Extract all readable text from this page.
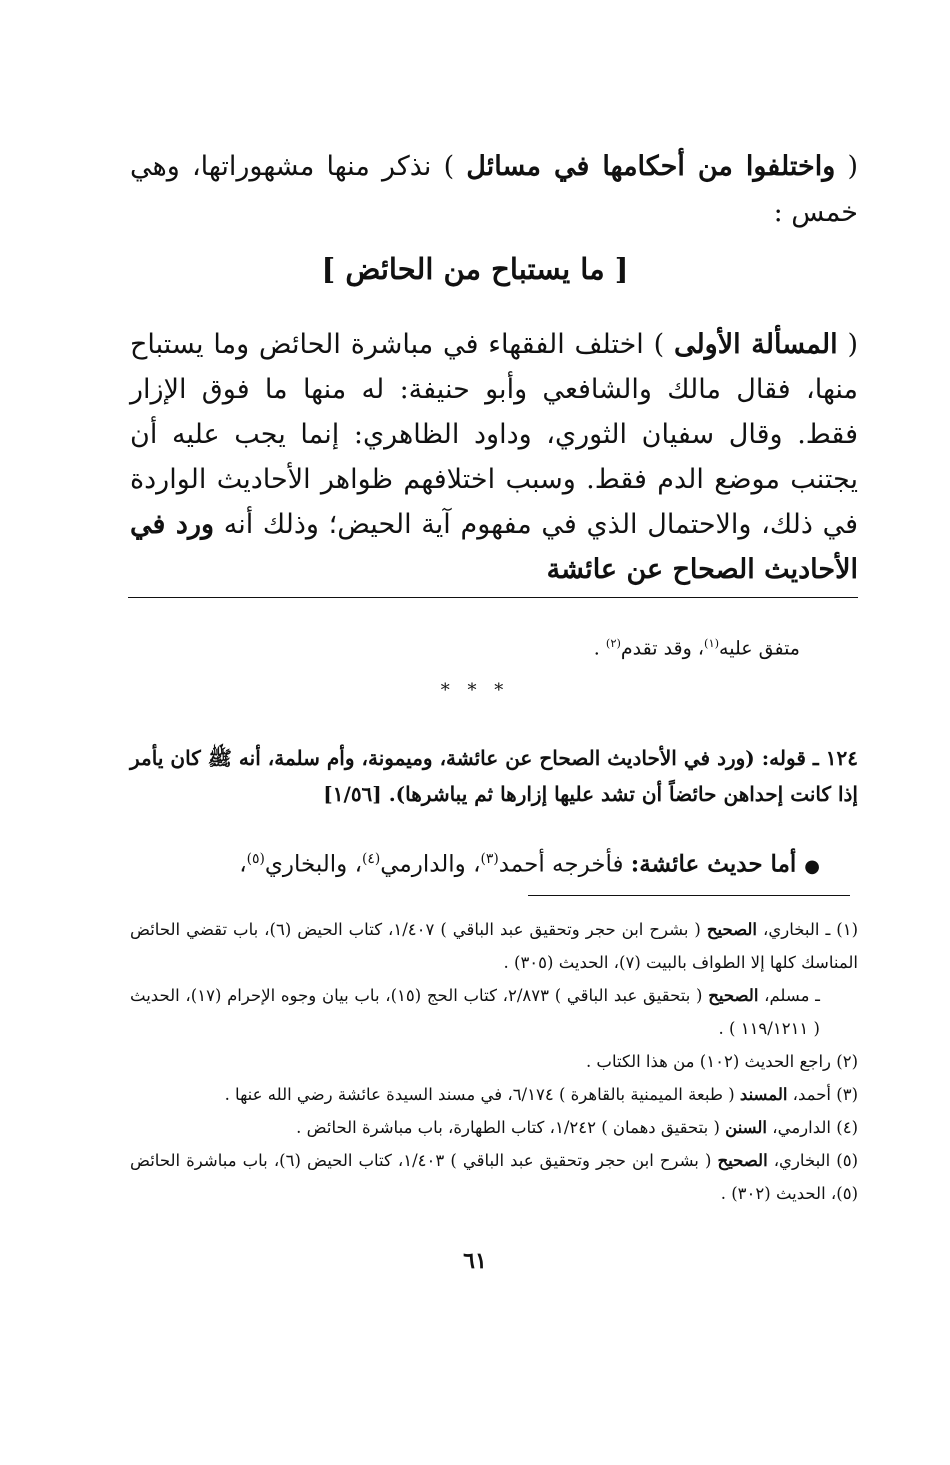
( واختلفوا من أحكامها في مسائل ) نذكر منها مشهوراتها، وهي خمس :

[ ما يستباح من الحائض ]

( المسألة الأولى ) اختلف الفقهاء في مباشرة الحائض وما يستباح منها، فقال مالك والشافعي وأبو حنيفة: له منها ما فوق الإزار فقط. وقال سفيان الثوري، وداود الظاهري: إنما يجب عليه أن يجتنب موضع الدم فقط. وسبب اختلافهم ظواهر الأحاديث الواردة في ذلك، والاحتمال الذي في مفهوم آية الحيض؛ وذلك أنه ورد في الأحاديث الصحاح عن عائشة

متفق عليه$^{(١)}$، وقد تقدم$^{(٢)}$ .
* * *

١٢٤ ـ قوله: (ورد في الأحاديث الصحاح عن عائشة، وميمونة، وأم سلمة، أنه ﷺ كان يأمر إذا كانت إحداهن حائضاً أن تشد عليها إزارها ثم يباشرها). [١/٥٦]

●أما حديث عائشة: فأخرجه أحمد$^{(٣)}$، والدارمي$^{(٤)}$، والبخاري$^{(٥)}$،

(١) ـ البخاري، الصحيح ( بشرح ابن حجر وتحقيق عبد الباقي ) ١/٤٠٧، كتاب الحيض (٦)، باب تقضي الحائض المناسك كلها إلا الطواف بالبيت (٧)، الحديث (٣٠٥) .

ـ مسلم، الصحيح ( بتحقيق عبد الباقي ) ٢/٨٧٣، كتاب الحج (١٥)، باب بيان وجوه الإحرام (١٧)، الحديث ( ١١٩/١٢١١ ) .

(٢) راجع الحديث (١٠٢) من هذا الكتاب .

(٣) أحمد، المسند ( طبعة الميمنية بالقاهرة ) ٦/١٧٤، في مسند السيدة عائشة رضي الله عنها .

(٤) الدارمي، السنن ( بتحقيق دهمان ) ١/٢٤٢، كتاب الطهارة، باب مباشرة الحائض .

(٥) البخاري، الصحيح ( بشرح ابن حجر وتحقيق عبد الباقي ) ١/٤٠٣، كتاب الحيض (٦)، باب مباشرة الحائض (٥)، الحديث (٣٠٢) .

٦١
